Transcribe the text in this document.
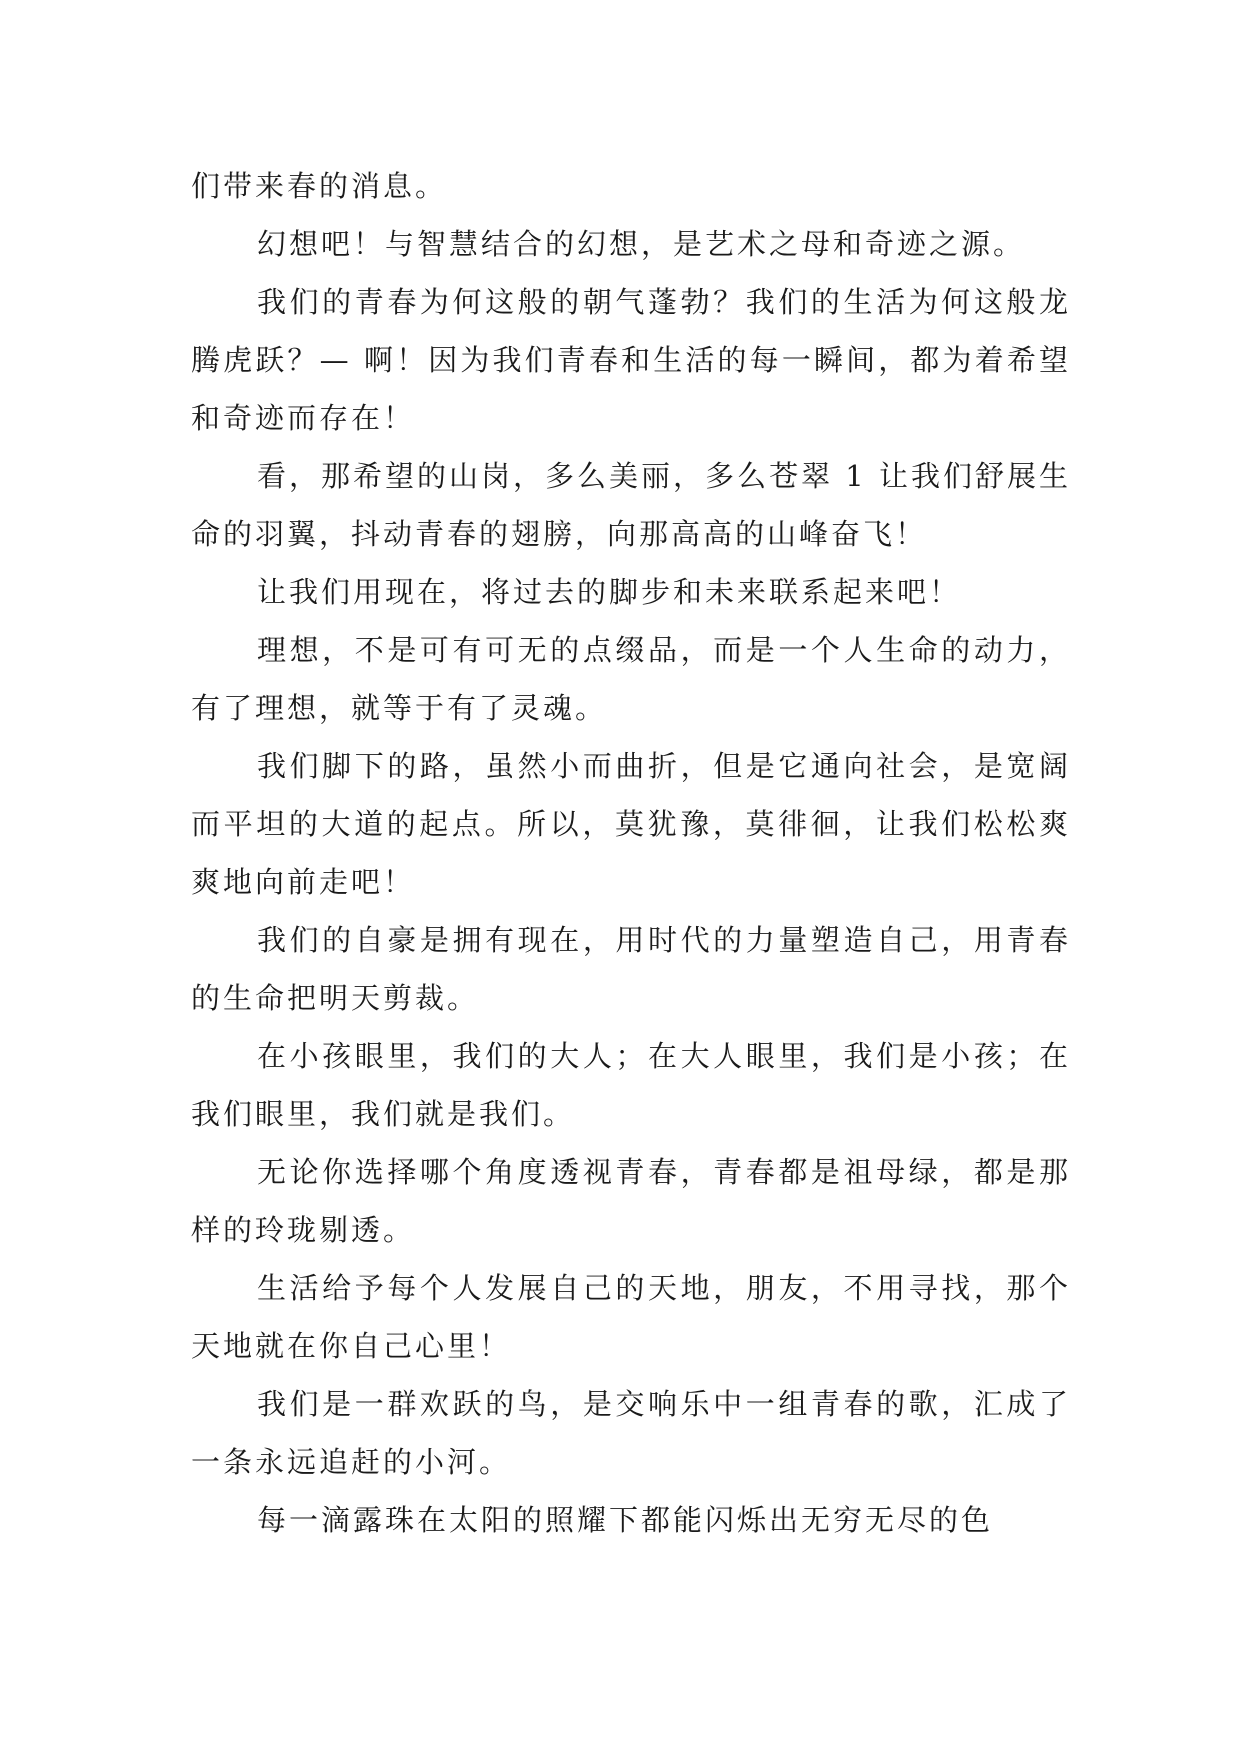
们带来春的消息。

幻想吧！与智慧结合的幻想，是艺术之母和奇迹之源。

我们的青春为何这般的朝气蓬勃？我们的生活为何这般龙腾虎跃？— 啊！因为我们青春和生活的每一瞬间，都为着希望和奇迹而存在！

看，那希望的山岗，多么美丽，多么苍翠 1 让我们舒展生命的羽翼，抖动青春的翅膀，向那高高的山峰奋飞！

让我们用现在，将过去的脚步和未来联系起来吧！

理想，不是可有可无的点缀品，而是一个人生命的动力，有了理想，就等于有了灵魂。

我们脚下的路，虽然小而曲折，但是它通向社会，是宽阔而平坦的大道的起点。所以，莫犹豫，莫徘徊，让我们松松爽爽地向前走吧！

我们的自豪是拥有现在，用时代的力量塑造自己，用青春的生命把明天剪裁。

在小孩眼里，我们的大人；在大人眼里，我们是小孩；在我们眼里，我们就是我们。

无论你选择哪个角度透视青春，青春都是祖母绿，都是那样的玲珑剔透。

生活给予每个人发展自己的天地，朋友，不用寻找，那个天地就在你自己心里！

我们是一群欢跃的鸟，是交响乐中一组青春的歌，汇成了一条永远追赶的小河。

每一滴露珠在太阳的照耀下都能闪烁出无穷无尽的色
